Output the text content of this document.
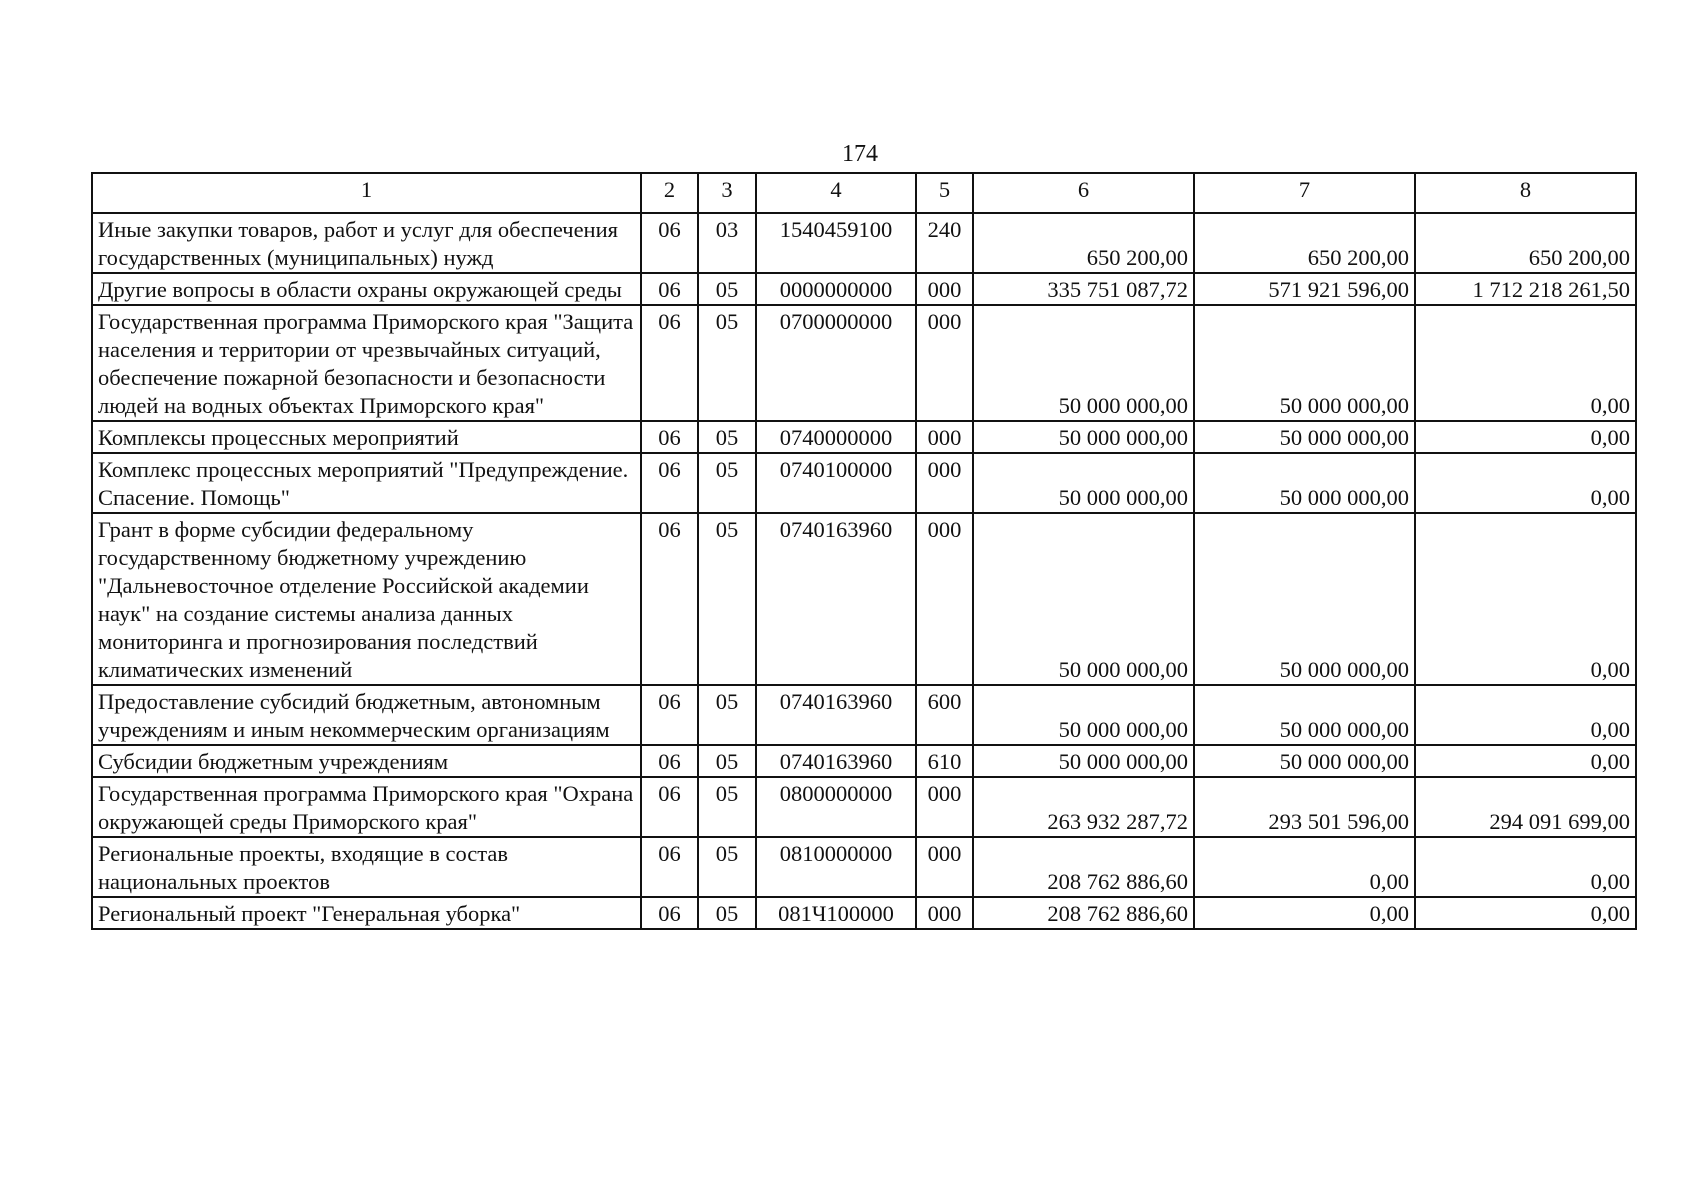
174
1	2	3	4	5	6	7	8
Иные закупки товаров, работ и услуг для обеспечения государственных (муниципальных) нужд	06	03	1540459100	240	650 200,00	650 200,00	650 200,00
Другие вопросы в области охраны окружающей среды	06	05	0000000000	000	335 751 087,72	571 921 596,00	1 712 218 261,50
Государственная программа Приморского края "Защита населения и территории от чрезвычайных ситуаций, обеспечение пожарной безопасности и безопасности людей на водных объектах Приморского края"	06	05	0700000000	000	50 000 000,00	50 000 000,00	0,00
Комплексы процессных мероприятий	06	05	0740000000	000	50 000 000,00	50 000 000,00	0,00
Комплекс процессных мероприятий "Предупреждение. Спасение. Помощь"	06	05	0740100000	000	50 000 000,00	50 000 000,00	0,00
Грант в форме субсидии федеральному государственному бюджетному учреждению "Дальневосточное отделение Российской академии наук" на создание системы анализа данных мониторинга и прогнозирования последствий климатических изменений	06	05	0740163960	000	50 000 000,00	50 000 000,00	0,00
Предоставление субсидий бюджетным, автономным учреждениям и иным некоммерческим организациям	06	05	0740163960	600	50 000 000,00	50 000 000,00	0,00
Субсидии бюджетным учреждениям	06	05	0740163960	610	50 000 000,00	50 000 000,00	0,00
Государственная программа Приморского края "Охрана окружающей среды Приморского края"	06	05	0800000000	000	263 932 287,72	293 501 596,00	294 091 699,00
Региональные проекты, входящие в состав национальных проектов	06	05	0810000000	000	208 762 886,60	0,00	0,00
Региональный проект "Генеральная уборка"	06	05	081Ч100000	000	208 762 886,60	0,00	0,00
